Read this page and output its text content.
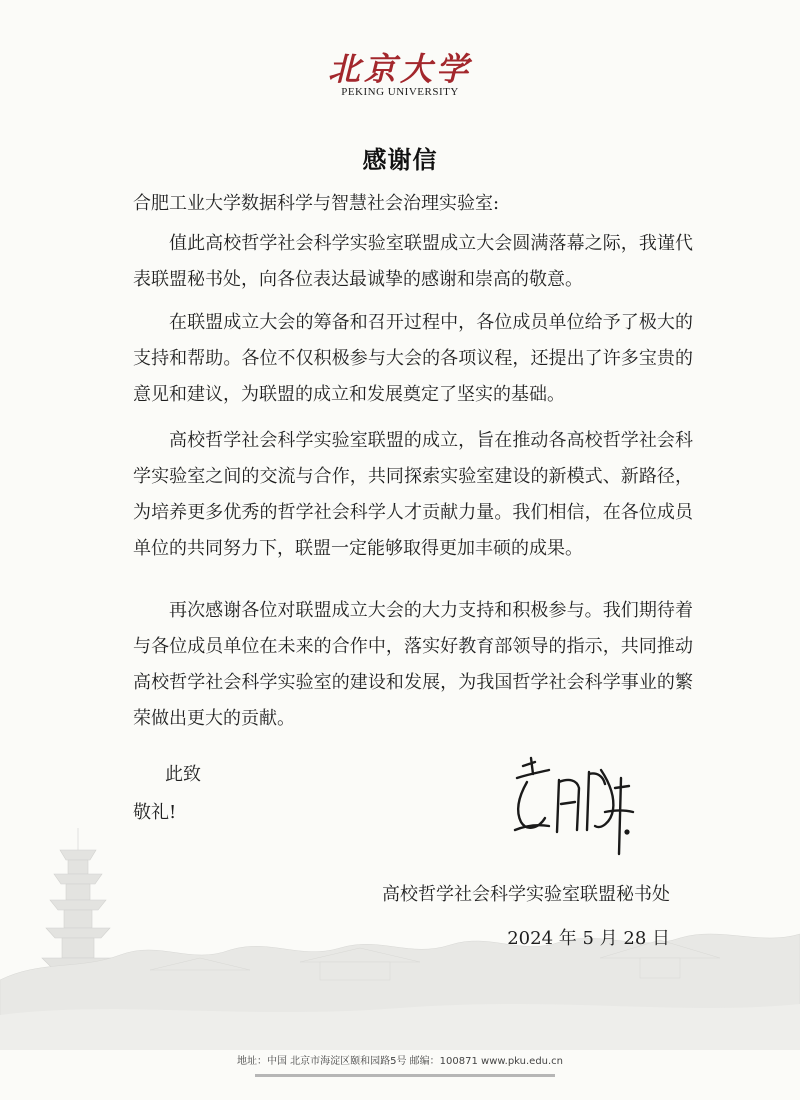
北京大学
PEKING UNIVERSITY
感谢信

合肥工业大学数据科学与智慧社会治理实验室:

值此高校哲学社会科学实验室联盟成立大会圆满落幕之际，我谨代表联盟秘书处，向各位表达最诚挚的感谢和崇高的敬意。

在联盟成立大会的筹备和召开过程中，各位成员单位给予了极大的支持和帮助。各位不仅积极参与大会的各项议程，还提出了许多宝贵的意见和建议，为联盟的成立和发展奠定了坚实的基础。

高校哲学社会科学实验室联盟的成立，旨在推动各高校哲学社会科学实验室之间的交流与合作，共同探索实验室建设的新模式、新路径，为培养更多优秀的哲学社会科学人才贡献力量。我们相信，在各位成员单位的共同努力下，联盟一定能够取得更加丰硕的成果。

再次感谢各位对联盟成立大会的大力支持和积极参与。我们期待着与各位成员单位在未来的合作中，落实好教育部领导的指示，共同推动高校哲学社会科学实验室的建设和发展，为我国哲学社会科学事业的繁荣做出更大的贡献。

此致

敬礼!

高校哲学社会科学实验室联盟秘书处

2024 年 5 月 28 日

地址：中国 北京市海淀区颐和园路5号 邮编：100871 www.pku.edu.cn
